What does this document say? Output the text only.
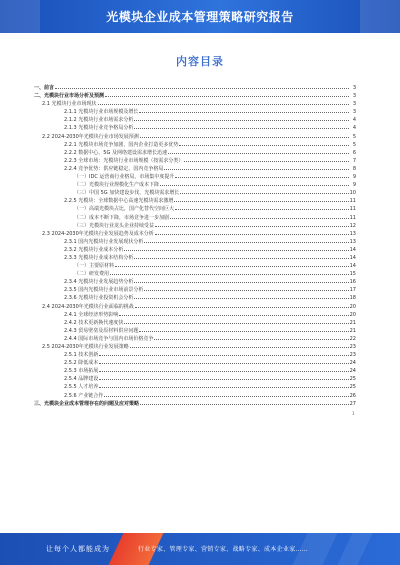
光模块企业成本管理策略研究报告
内容目录
一、前言	3
二、光模块行业市场分析及预测	3
2.1 光模块行业市场现状	3
2.1.1 光模块行业市场规模及增长	3
2.1.2 光模块行业市场需求分析	4
2.1.3 光模块行业竞争格局分析	4
2.2 2024-2030年光模块行业市场发展预测	5
2.2.1 光模块市场竞争加剧，国内企业打造更多优势	5
2.2.2 数据中心、5G 及网络建设需求增长迅速	6
2.2.3 全球市场：光模块行业市场规模（按需求分类）	7
2.2.4 竞争优势：供应链稳定，国内竞争格局	8
（一）IDC 运营商行业格局，市场集中度提升	9
（二）光模块行业规模化生产成本下降	9
（三）中国 5G 加快建设步伐，光模块需求增长	10
2.2.5 光模块：全球数据中心高速光模块需求激增	11
（一）高端光模块占比，国产化替代空间巨大	11
（二）成本不断下降，市场竞争进一步加剧	11
（三）光模块行业龙头企业持续受益	12
2.3 2024-2030年光模块行业发展趋势及成本分析	13
2.3.1 国内光模块行业发展现状分析	13
2.3.2 光模块行业成本分析	14
2.3.3 光模块行业成本结构分析	14
（一）主要原材料	14
（二）研发费用	15
2.3.4 光模块行业发展趋势分析	16
2.3.5 国内光模块行业市场前景分析	17
2.3.6 光模块行业投资机会分析	18
2.4 2024-2030年光模块行业面临的挑战	20
2.4.1 全球经济形势影响	20
2.4.2 技术更新换代速度快	21
2.4.3 贸易壁垒及原材料供应问题	21
2.4.4 国际市场竞争与国内市场价格竞争	22
2.5 2024-2030年光模块行业发展策略	23
2.5.1 技术创新	23
2.5.2 降低成本	24
2.5.3 市场拓展	24
2.5.4 品牌建设	25
2.5.5 人才培养	25
2.5.6 产业链合作	26
三、光模块企业成本管理存在的问题及应对策略	27
1
让每个人都能成为	行业专家、管理专家、营销专家、战略专家、成本企业家……
